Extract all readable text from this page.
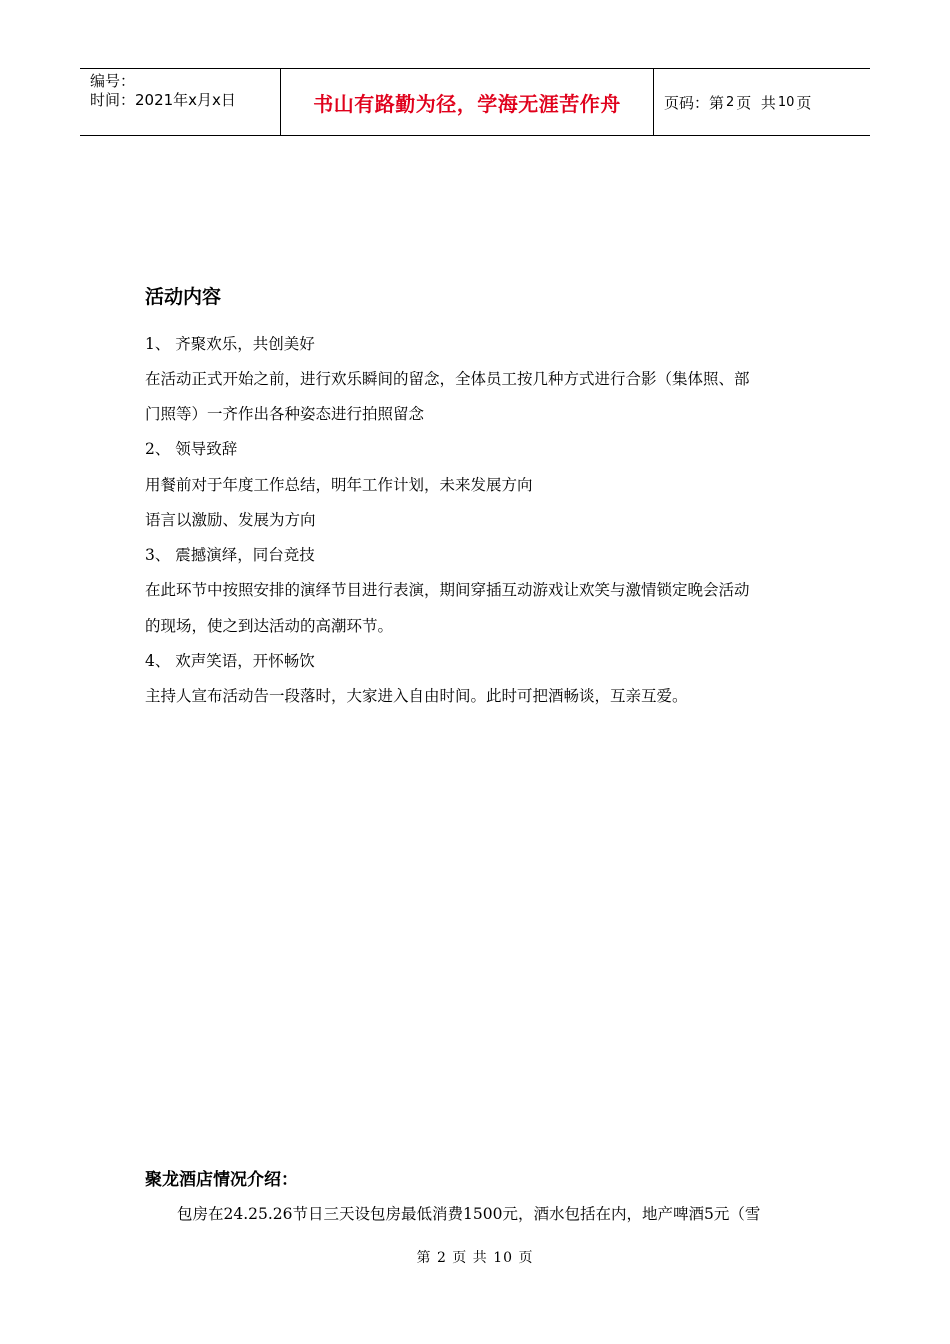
编号：
时间：2021年x月x日	书山有路勤为径，学海无涯苦作舟	页码：第 2 页  共 10 页
活动内容
1、 齐聚欢乐，共创美好
在活动正式开始之前，进行欢乐瞬间的留念，全体员工按几种方式进行合影（集体照、部
门照等）一齐作出各种姿态进行拍照留念
2、 领导致辞
用餐前对于年度工作总结，明年工作计划，未来发展方向
语言以激励、发展为方向
3、 震撼演绎，同台竞技
在此环节中按照安排的演绎节目进行表演，期间穿插互动游戏让欢笑与激情锁定晚会活动
的现场，使之到达活动的高潮环节。
4、 欢声笑语，开怀畅饮
主持人宣布活动告一段落时，大家进入自由时间。此时可把酒畅谈，互亲互爱。
聚龙酒店情况介绍：
包房在24.25.26节日三天设包房最低消费1500元，酒水包括在内，地产啤酒5元（雪
第 2 页 共 10 页
